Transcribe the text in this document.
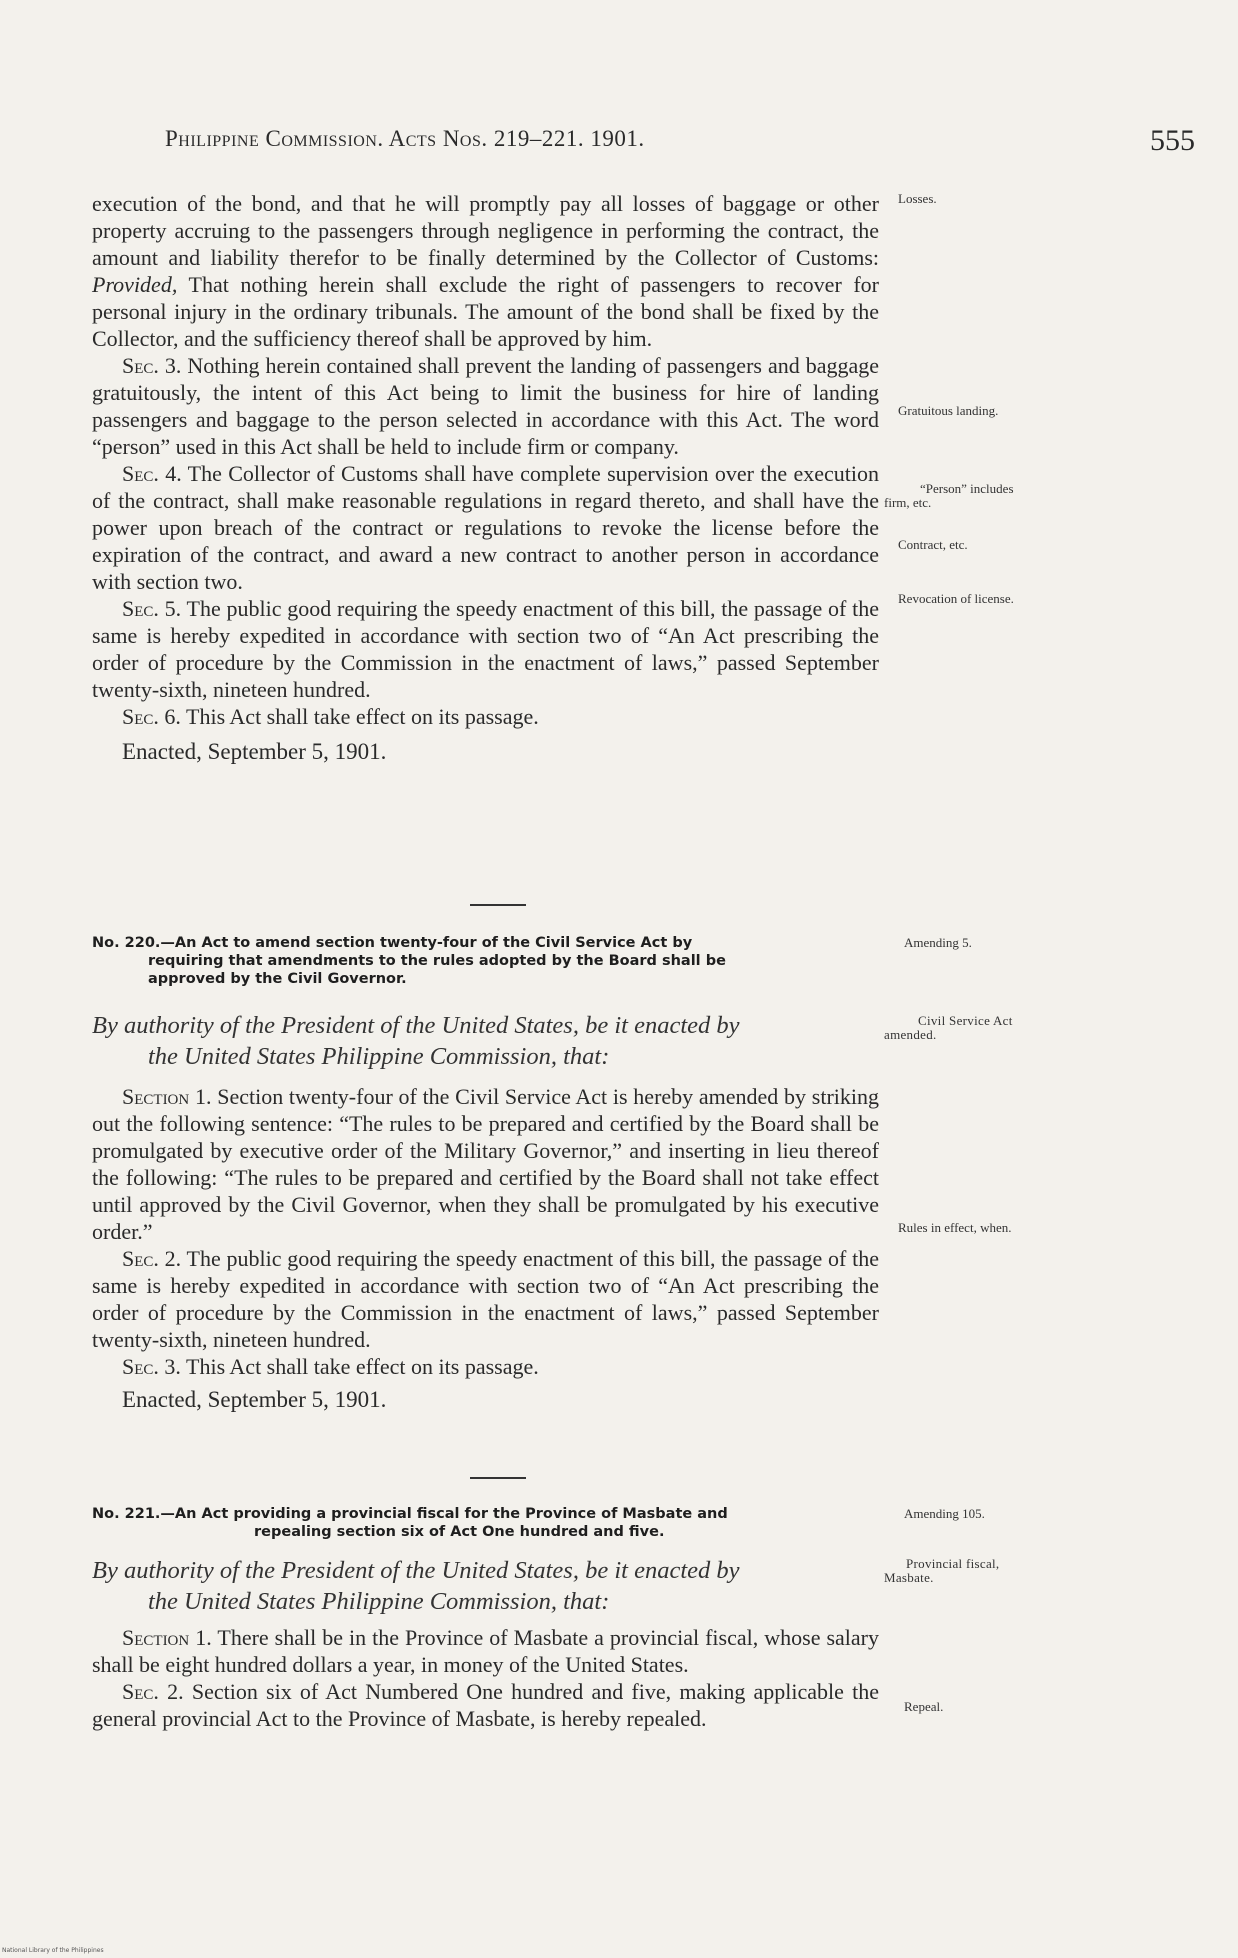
Philippine Commission. Acts Nos. 219–221. 1901.	555

execution of the bond, and that he will promptly pay all losses of baggage or other property accruing to the passengers through negligence in performing the contract, the amount and liability therefor to be finally determined by the Collector of Customs: Provided, That nothing herein shall exclude the right of passengers to recover for personal injury in the ordinary tribunals. The amount of the bond shall be fixed by the Collector, and the sufficiency thereof shall be approved by him.

Sec. 3. Nothing herein contained shall prevent the landing of passengers and baggage gratuitously, the intent of this Act being to limit the business for hire of landing passengers and baggage to the person selected in accordance with this Act. The word “person” used in this Act shall be held to include firm or company.

Sec. 4. The Collector of Customs shall have complete supervision over the execution of the contract, shall make reasonable regulations in regard thereto, and shall have the power upon breach of the contract or regulations to revoke the license before the expiration of the contract, and award a new contract to another person in accordance with section two.

Sec. 5. The public good requiring the speedy enactment of this bill, the passage of the same is hereby expedited in accordance with section two of “An Act prescribing the order of procedure by the Commission in the enactment of laws,” passed September twenty-sixth, nineteen hundred.

Sec. 6. This Act shall take effect on its passage.

Enacted, September 5, 1901.

No. 220.—An Act to amend section twenty-four of the Civil Service Act by
requiring that amendments to the rules adopted by the Board shall be
approved by the Civil Governor.
By authority of the President of the United States, be it enacted by
the United States Philippine Commission, that:

Section 1. Section twenty-four of the Civil Service Act is hereby amended by striking out the following sentence: “The rules to be prepared and certified by the Board shall be promulgated by executive order of the Military Governor,” and inserting in lieu thereof the following: “The rules to be prepared and certified by the Board shall not take effect until approved by the Civil Governor, when they shall be promulgated by his executive order.”

Sec. 2. The public good requiring the speedy enactment of this bill, the passage of the same is hereby expedited in accordance with section two of “An Act prescribing the order of procedure by the Commission in the enactment of laws,” passed September twenty-sixth, nineteen hundred.

Sec. 3. This Act shall take effect on its passage.

Enacted, September 5, 1901.

No. 221.—An Act providing a provincial fiscal for the Province of Masbate and
repealing section six of Act One hundred and five.
By authority of the President of the United States, be it enacted by
the United States Philippine Commission, that:

Section 1. There shall be in the Province of Masbate a provincial fiscal, whose salary shall be eight hundred dollars a year, in money of the United States.

Sec. 2. Section six of Act Numbered One hundred and five, making applicable the general provincial Act to the Province of Masbate, is hereby repealed.

Losses.
Gratuitous landing.
“Person” includes
firm, etc.
Contract, etc.
Revocation of license.
Amending 5.
Civil Service Act
amended.
Rules in effect, when.
Amending 105.
Provincial fiscal,
Masbate.
Repeal.
National Library of the Philippines
